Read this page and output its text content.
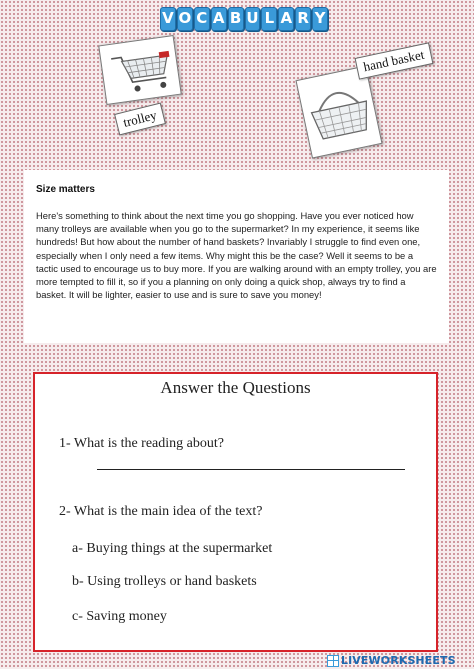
V O C A B U L A R Y
trolley
hand basket
Size matters

Here's something to think about the next time you go shopping. Have you ever noticed how many trolleys are available when you go to the supermarket? In my experience, it seems like hundreds! But how about the number of hand baskets? Invariably I struggle to find even one, especially when I only need a few items. Why might this be the case? Well it seems to be a tactic used to encourage us to buy more. If you are walking around with an empty trolley, you are more tempted to fill it, so if you a planning on only doing a quick shop, always try to find a basket. It will be lighter, easier to use and is sure to save you money!

Answer the Questions
1- What is the reading about?
2- What is the main idea of the text?
a- Buying things at the supermarket
b- Using trolleys or hand baskets
c- Saving money
LIVEWORKSHEETS
